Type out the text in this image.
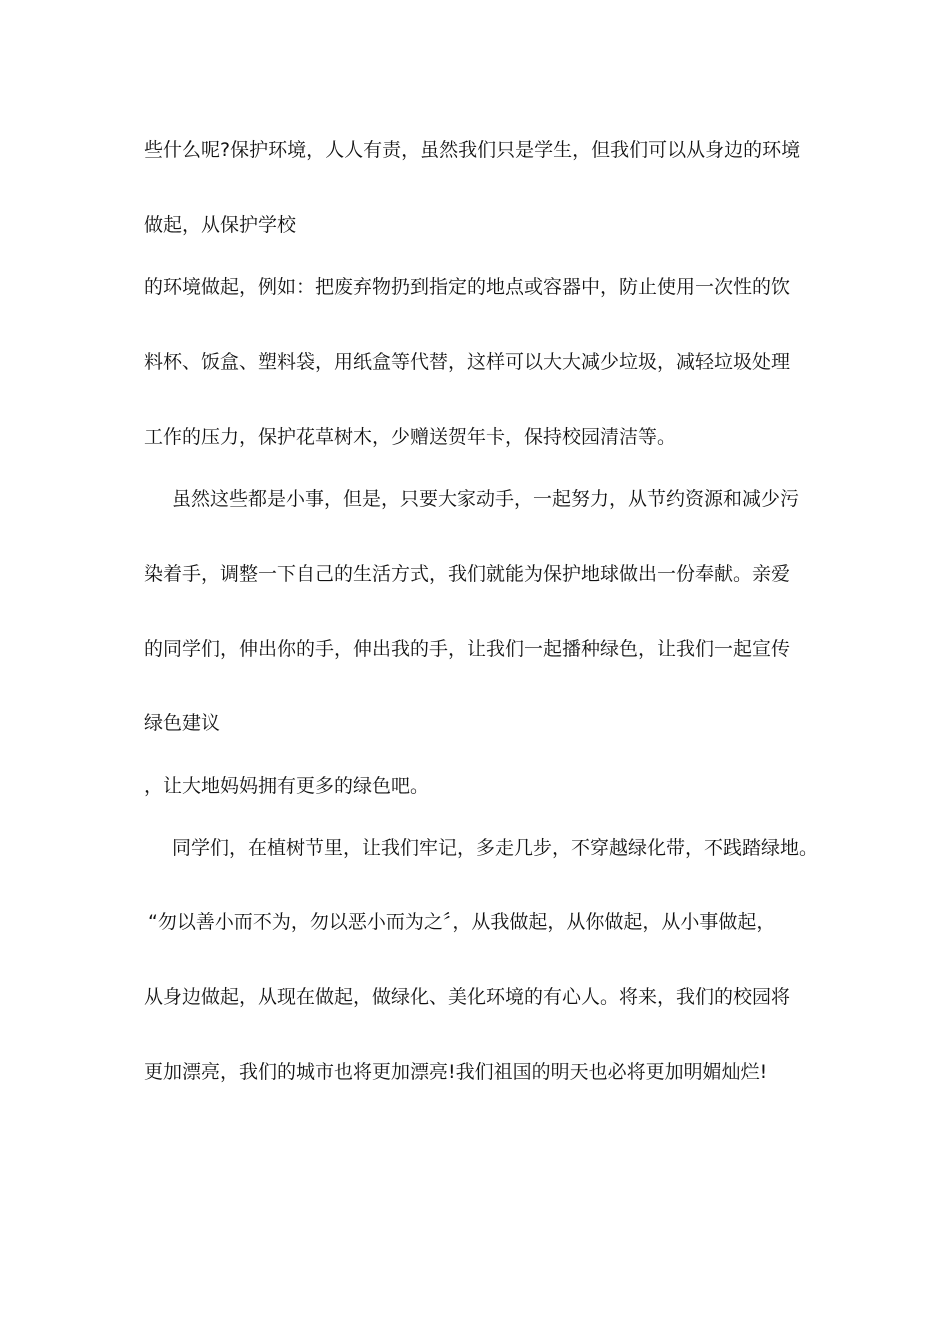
些什么呢?保护环境，人人有责，虽然我们只是学生，但我们可以从身边的环境
做起，从保护学校
的环境做起，例如：把废弃物扔到指定的地点或容器中，防止使用一次性的饮
料杯、饭盒、塑料袋，用纸盒等代替，这样可以大大减少垃圾，减轻垃圾处理
工作的压力，保护花草树木，少赠送贺年卡，保持校园清洁等。
虽然这些都是小事，但是，只要大家动手，一起努力，从节约资源和减少污
染着手，调整一下自己的生活方式，我们就能为保护地球做出一份奉献。亲爱
的同学们，伸出你的手，伸出我的手，让我们一起播种绿色，让我们一起宣传
绿色建议
，让大地妈妈拥有更多的绿色吧。
同学们，在植树节里，让我们牢记，多走几步，不穿越绿化带，不践踏绿地。
“勿以善小而不为，勿以恶小而为之〞，从我做起，从你做起，从小事做起，
从身边做起，从现在做起，做绿化、美化环境的有心人。将来，我们的校园将
更加漂亮，我们的城市也将更加漂亮!我们祖国的明天也必将更加明媚灿烂!
